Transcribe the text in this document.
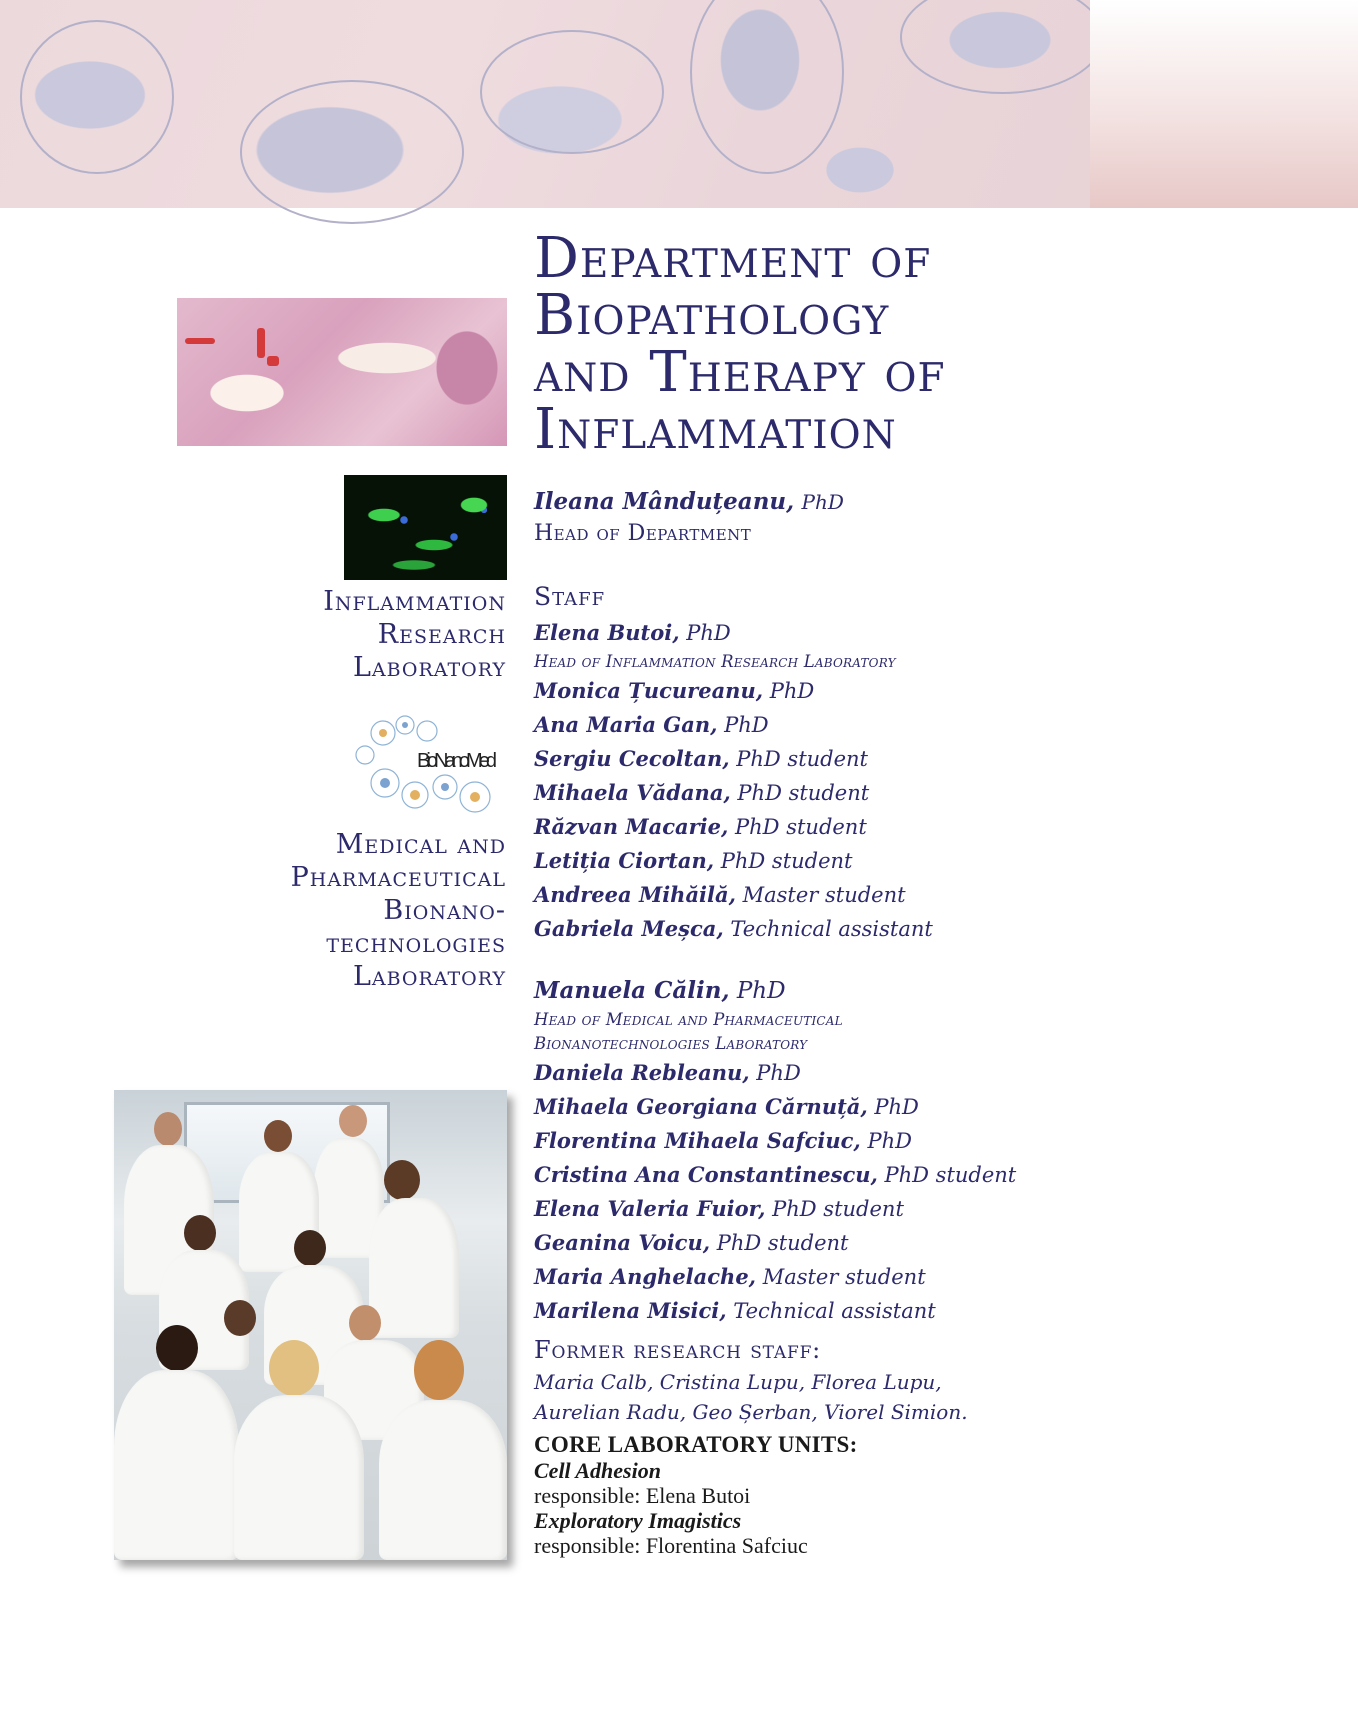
Department of
Biopathology
and Therapy of
Inflammation
Ileana Mânduțeanu, PhD
Head of Department
Inflammation
Research
Laboratory
BioNanoMed
Medical and
Pharmaceutical
Bionano-
technologies
Laboratory
Staff
Elena Butoi, PhD
Head of Inflammation Research Laboratory
Monica Țucureanu, PhD
Ana Maria Gan, PhD
Sergiu Cecoltan, PhD student
Mihaela Vădana, PhD student
Răzvan Macarie, PhD student
Letiția Ciortan, PhD student
Andreea Mihăilă, Master student
Gabriela Meșca, Technical assistant
Manuela Călin, PhD
Head of Medical and Pharmaceutical
Bionanotechnologies Laboratory
Daniela Rebleanu, PhD
Mihaela Georgiana Cărnuță, PhD
Florentina Mihaela Safciuc, PhD
Cristina Ana Constantinescu, PhD student
Elena Valeria Fuior, PhD student
Geanina Voicu, PhD student
Maria Anghelache, Master student
Marilena Misici, Technical assistant
Former research staff:
Maria Calb, Cristina Lupu, Florea Lupu,
Aurelian Radu, Geo Șerban, Viorel Simion.
CORE LABORATORY UNITS:
Cell Adhesion
responsible: Elena Butoi
Exploratory Imagistics
responsible: Florentina Safciuc
